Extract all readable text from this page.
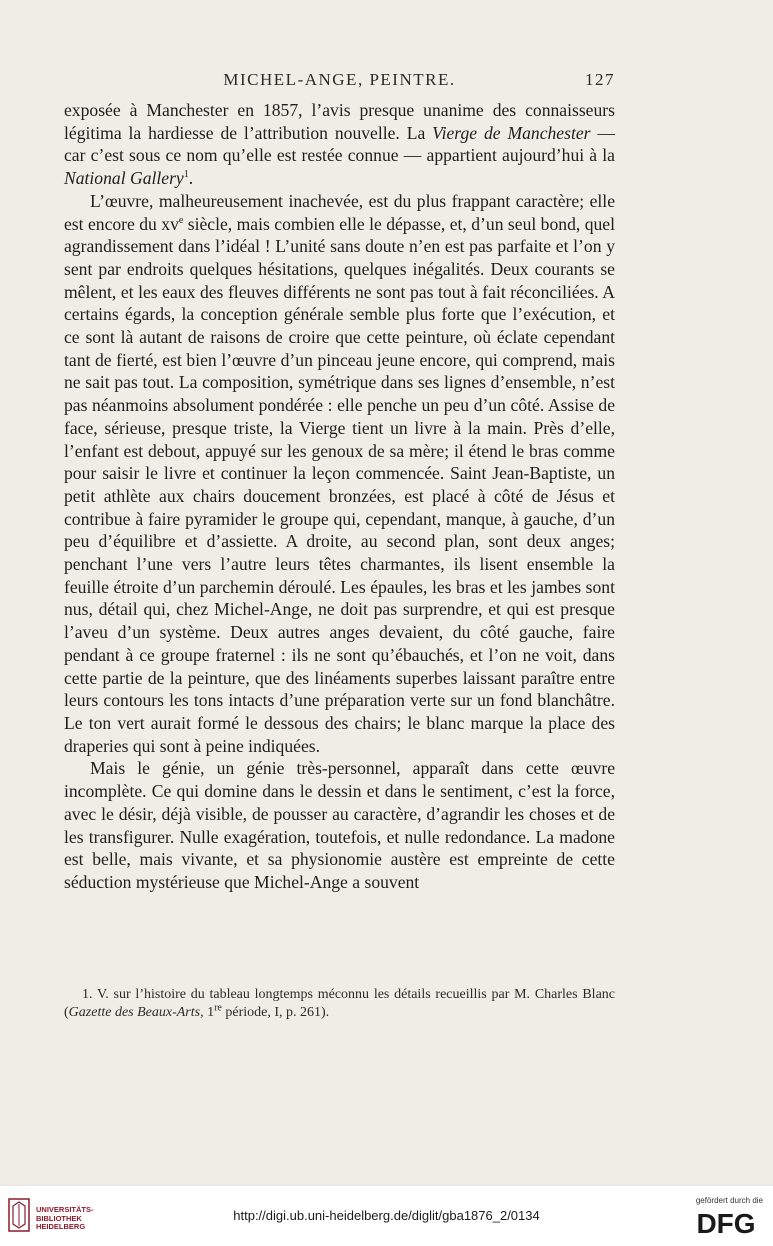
MICHEL-ANGE, PEINTRE.	127

exposée à Manchester en 1857, l’avis presque unanime des connaisseurs légitima la hardiesse de l’attribution nouvelle. La Vierge de Manchester — car c’est sous ce nom qu’elle est restée connue — appartient aujourd’hui à la National Gallery$^1$.

L’œuvre, malheureusement inachevée, est du plus frappant caractère; elle est encore du $xv^e$ siècle, mais combien elle le dépasse, et, d’un seul bond, quel agrandissement dans l’idéal ! L’unité sans doute n’en est pas parfaite et l’on y sent par endroits quelques hésitations, quelques inégalités. Deux courants se mêlent, et les eaux des fleuves différents ne sont pas tout à fait réconciliées. A certains égards, la conception générale semble plus forte que l’exécution, et ce sont là autant de raisons de croire que cette peinture, où éclate cependant tant de fierté, est bien l’œuvre d’un pinceau jeune encore, qui comprend, mais ne sait pas tout. La composition, symétrique dans ses lignes d’ensemble, n’est pas néanmoins absolument pondérée : elle penche un peu d’un côté. Assise de face, sérieuse, presque triste, la Vierge tient un livre à la main. Près d’elle, l’enfant est debout, appuyé sur les genoux de sa mère; il étend le bras comme pour saisir le livre et continuer la leçon commencée. Saint Jean-Baptiste, un petit athlète aux chairs doucement bronzées, est placé à côté de Jésus et contribue à faire pyramider le groupe qui, cependant, manque, à gauche, d’un peu d’équilibre et d’assiette. A droite, au second plan, sont deux anges; penchant l’une vers l’autre leurs têtes charmantes, ils lisent ensemble la feuille étroite d’un parchemin déroulé. Les épaules, les bras et les jambes sont nus, détail qui, chez Michel-Ange, ne doit pas surprendre, et qui est presque l’aveu d’un système. Deux autres anges devaient, du côté gauche, faire pendant à ce groupe fraternel : ils ne sont qu’ébauchés, et l’on ne voit, dans cette partie de la peinture, que des linéaments superbes laissant paraître entre leurs contours les tons intacts d’une préparation verte sur un fond blanchâtre. Le ton vert aurait formé le dessous des chairs; le blanc marque la place des draperies qui sont à peine indiquées.

Mais le génie, un génie très-personnel, apparaît dans cette œuvre incomplète. Ce qui domine dans le dessin et dans le sentiment, c’est la force, avec le désir, déjà visible, de pousser au caractère, d’agrandir les choses et de les transfigurer. Nulle exagération, toutefois, et nulle redondance. La madone est belle, mais vivante, et sa physionomie austère est empreinte de cette séduction mystérieuse que Michel-Ange a souvent

1. V. sur l’histoire du tableau longtemps méconnu les détails recueillis par M. Charles Blanc (Gazette des Beaux-Arts, 1re période, I, p. 261).
UNIVERSITÄTS-
BIBLIOTHEK
HEIDELBERG
http://digi.ub.uni-heidelberg.de/diglit/gba1876_2/0134
gefördert durch die
DFG
